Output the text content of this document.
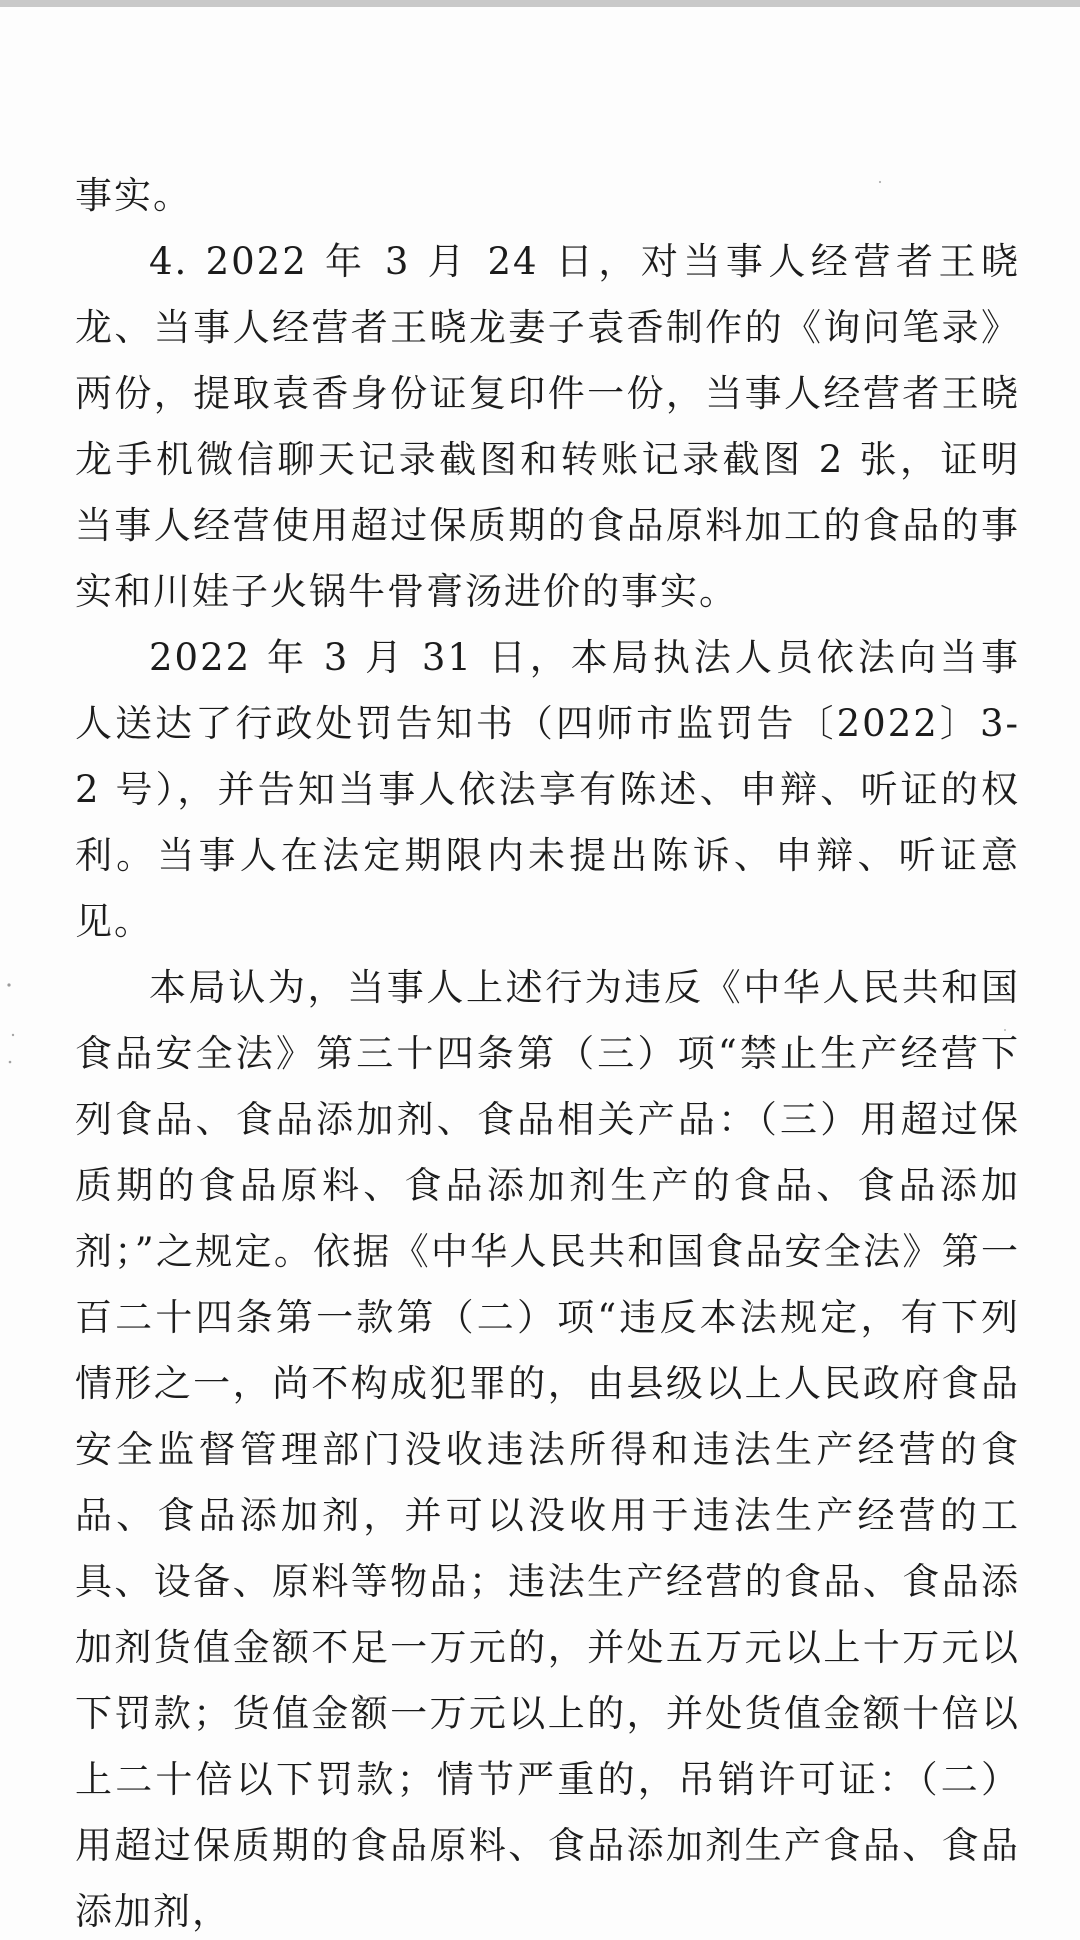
事实。

4. 2022 年 3 月 24 日，对当事人经营者王晓龙、当事人经营者王晓龙妻子袁香制作的《询问笔录》两份，提取袁香身份证复印件一份，当事人经营者王晓龙手机微信聊天记录截图和转账记录截图 2 张，证明当事人经营使用超过保质期的食品原料加工的食品的事实和川娃子火锅牛骨膏汤进价的事实。

2022 年 3 月 31 日，本局执法人员依法向当事人送达了行政处罚告知书（四师市监罚告〔2022〕3-2 号），并告知当事人依法享有陈述、申辩、听证的权利。当事人在法定期限内未提出陈诉、申辩、听证意见。

本局认为，当事人上述行为违反《中华人民共和国食品安全法》第三十四条第（三）项“禁止生产经营下列食品、食品添加剂、食品相关产品：（三）用超过保质期的食品原料、食品添加剂生产的食品、食品添加剂；”之规定。依据《中华人民共和国食品安全法》第一百二十四条第一款第（二）项“违反本法规定，有下列情形之一，尚不构成犯罪的，由县级以上人民政府食品安全监督管理部门没收违法所得和违法生产经营的食品、食品添加剂，并可以没收用于违法生产经营的工具、设备、原料等物品；违法生产经营的食品、食品添加剂货值金额不足一万元的，并处五万元以上十万元以下罚款；货值金额一万元以上的，并处货值金额十倍以上二十倍以下罚款；情节严重的，吊销许可证：（二）用超过保质期的食品原料、食品添加剂生产食品、食品添加剂，
